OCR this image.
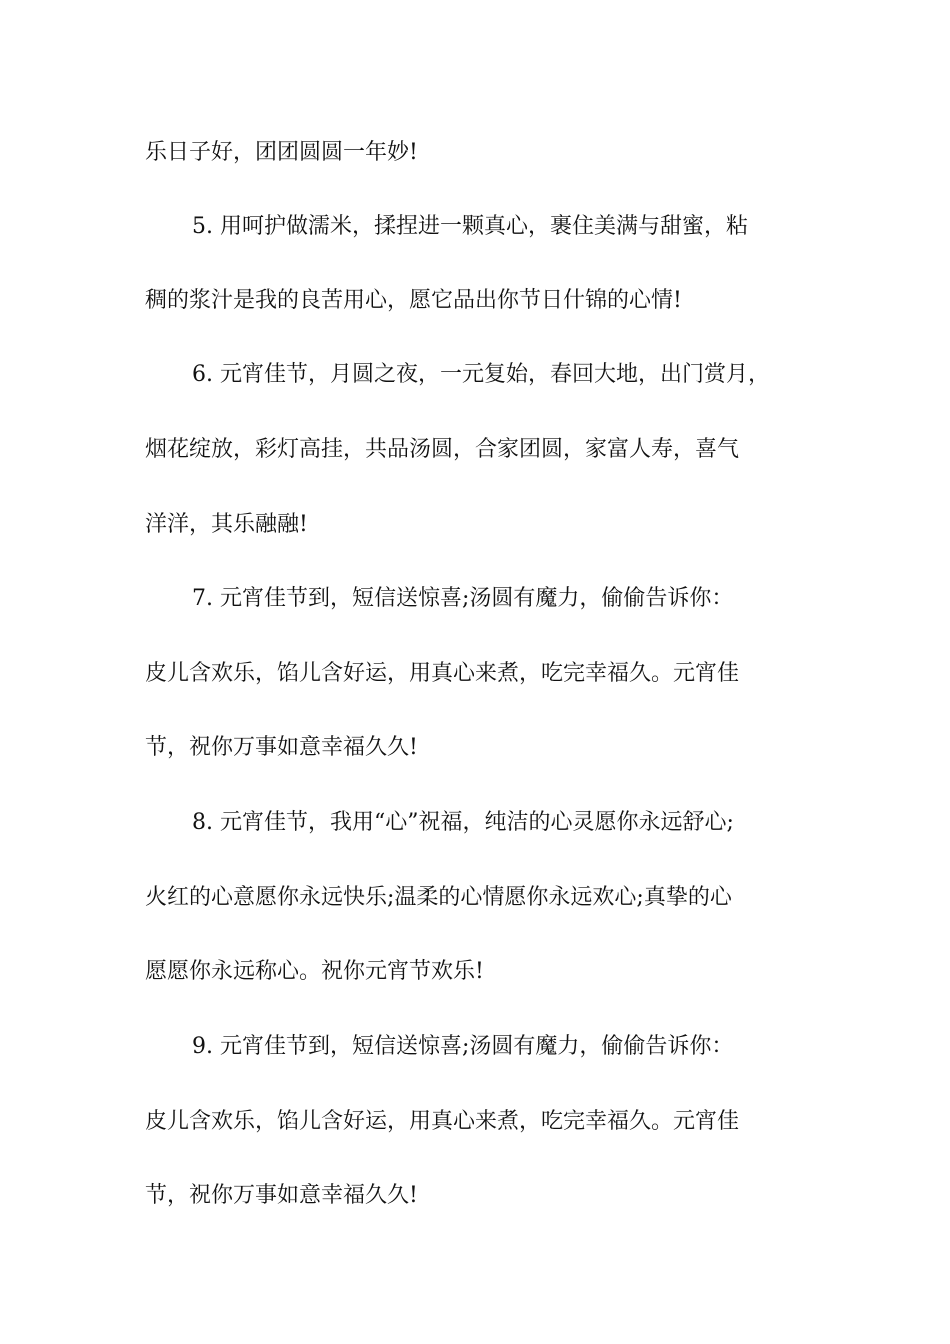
乐日子好，团团圆圆一年妙!
5. 用呵护做濡米，揉捏进一颗真心，裹住美满与甜蜜，粘
稠的浆汁是我的良苦用心，愿它品出你节日什锦的心情!
6. 元宵佳节，月圆之夜，一元复始，春回大地，出门赏月，
烟花绽放，彩灯高挂，共品汤圆，合家团圆，家富人寿，喜气
洋洋，其乐融融!
7. 元宵佳节到，短信送惊喜;汤圆有魔力，偷偷告诉你：
皮儿含欢乐，馅儿含好运，用真心来煮，吃完幸福久。元宵佳
节，祝你万事如意幸福久久!
8. 元宵佳节，我用“心”祝福，纯洁的心灵愿你永远舒心;
火红的心意愿你永远快乐;温柔的心情愿你永远欢心;真挚的心
愿愿你永远称心。祝你元宵节欢乐!
9. 元宵佳节到，短信送惊喜;汤圆有魔力，偷偷告诉你：
皮儿含欢乐，馅儿含好运，用真心来煮，吃完幸福久。元宵佳
节，祝你万事如意幸福久久!
